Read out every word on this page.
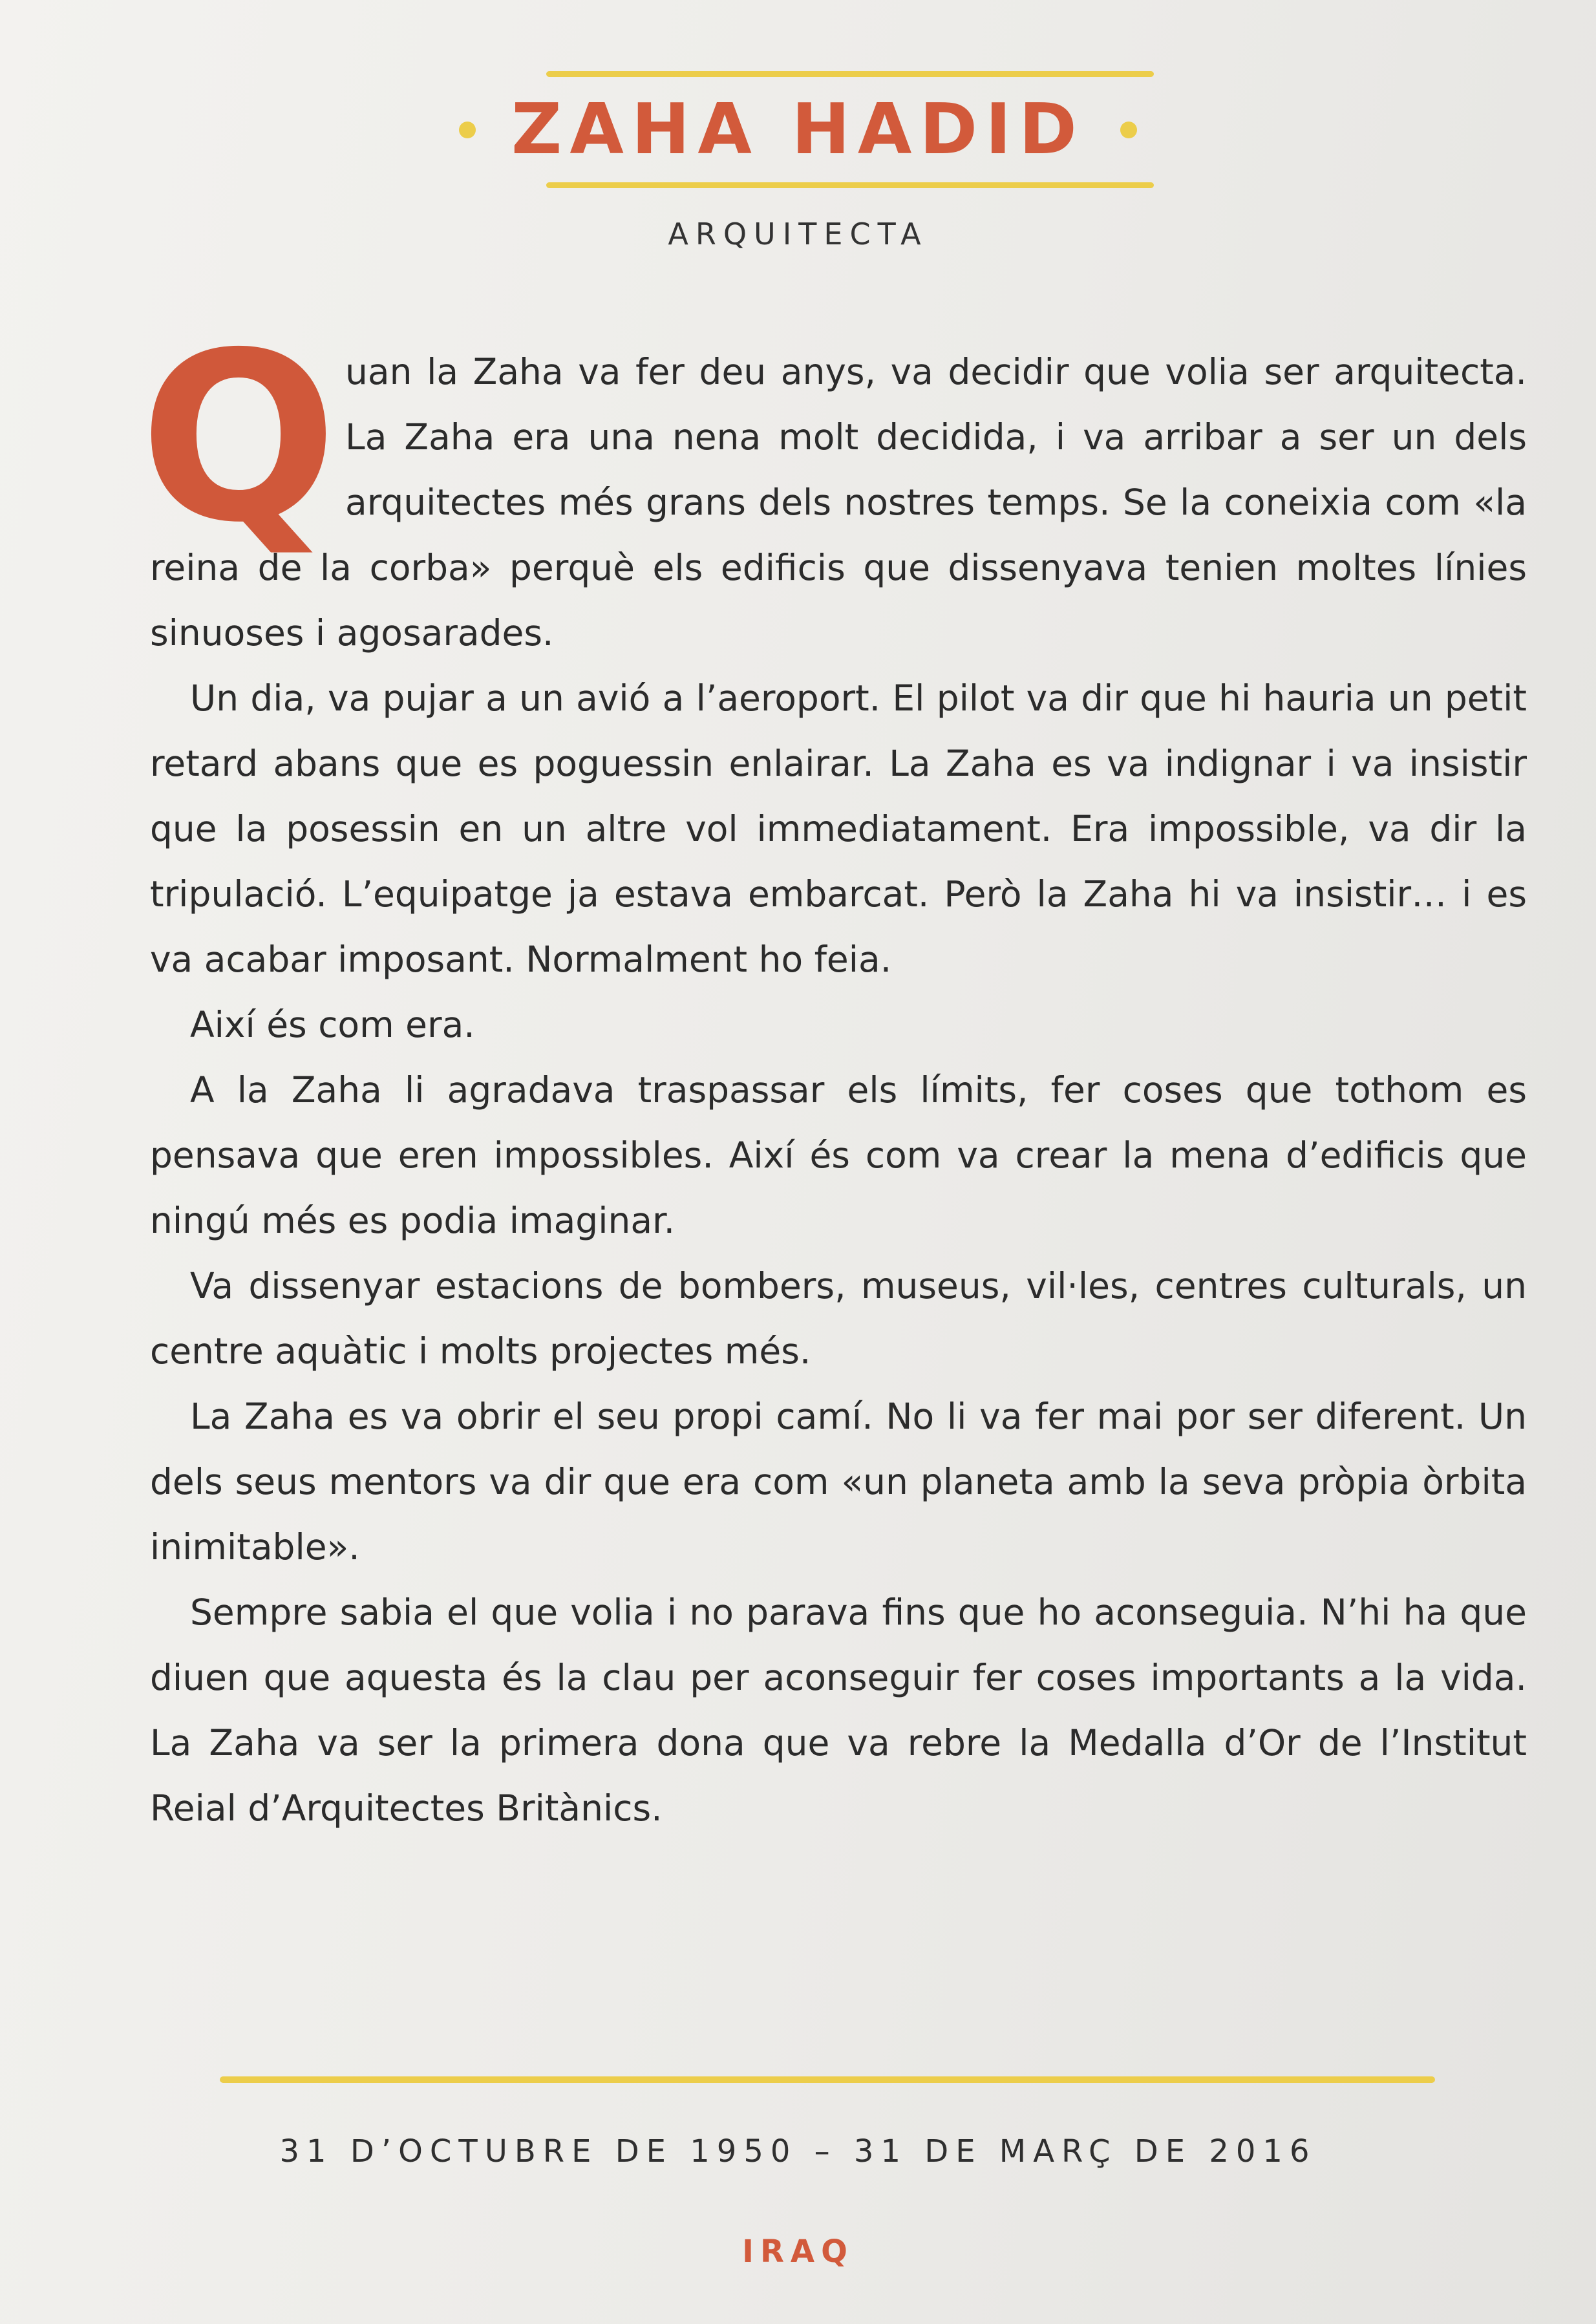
ZAHA HADID
ARQUITECTA

Quan la Zaha va fer deu anys, va decidir que volia ser arquitecta. La Zaha era una nena molt decidida, i va arribar a ser un dels arquitectes més grans dels nostres temps. Se la coneixia com «la reina de la corba» perquè els edificis que dissenyava tenien moltes línies sinuoses i agosarades.

Un dia, va pujar a un avió a l’aeroport. El pilot va dir que hi hauria un petit retard abans que es poguessin enlairar. La Zaha es va indignar i va insistir que la posessin en un altre vol immediatament. Era impossible, va dir la tripulació. L’equipatge ja estava embarcat. Però la Zaha hi va insistir… i es va acabar imposant. Normalment ho feia.

Així és com era.

A la Zaha li agradava traspassar els límits, fer coses que tothom es pensava que eren impossibles. Així és com va crear la mena d’edificis que ningú més es podia imaginar.

Va dissenyar estacions de bombers, museus, vil·les, centres culturals, un centre aquàtic i molts projectes més.

La Zaha es va obrir el seu propi camí. No li va fer mai por ser diferent. Un dels seus mentors va dir que era com «un planeta amb la seva pròpia òrbita inimitable».

Sempre sabia el que volia i no parava fins que ho aconseguia. N’hi ha que diuen que aquesta és la clau per aconseguir fer coses importants a la vida. La Zaha va ser la primera dona que va rebre la Medalla d’Or de l’Institut Reial d’Arquitectes Britànics.

31 D’OCTUBRE DE 1950 – 31 DE MARÇ DE 2016
IRAQ
